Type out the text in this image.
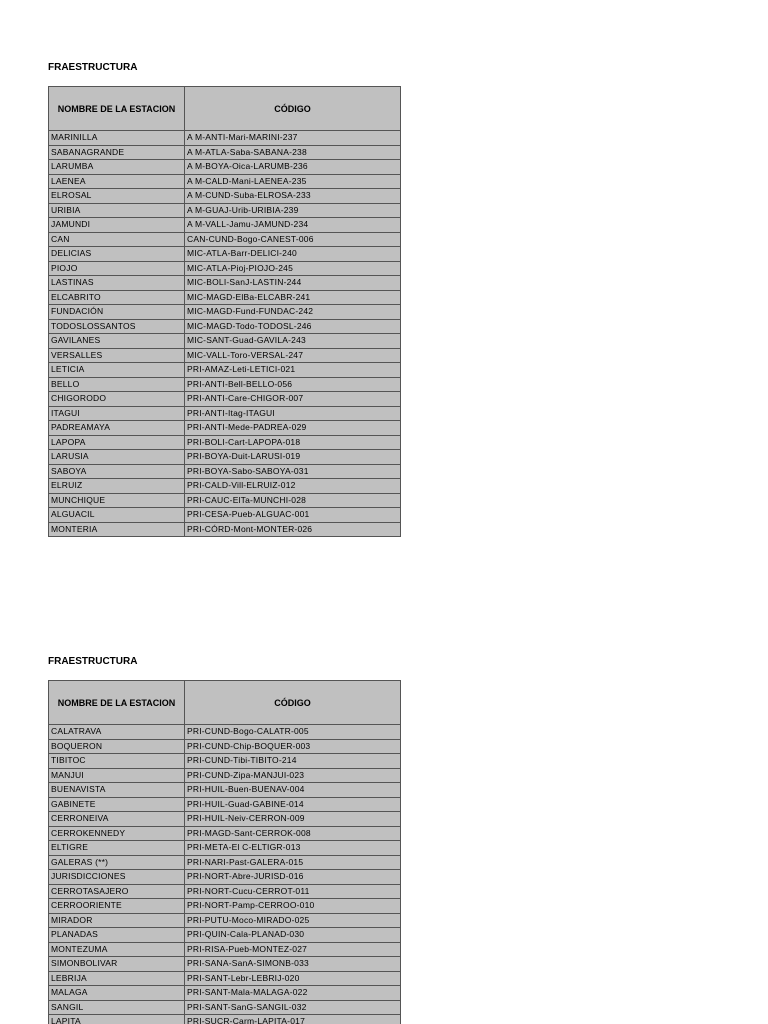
FRAESTRUCTURA
NOMBRE DE LA ESTACION	CÓDIGO
MARINILLA	A M-ANTI-Mari-MARINI-237
SABANAGRANDE	A M-ATLA-Saba-SABANA-238
LARUMBA	A M-BOYA-Oica-LARUMB-236
LAENEA	A M-CALD-Mani-LAENEA-235
ELROSAL	A M-CUND-Suba-ELROSA-233
URIBIA	A M-GUAJ-Urib-URIBIA-239
JAMUNDI	A M-VALL-Jamu-JAMUND-234
CAN	CAN-CUND-Bogo-CANEST-006
DELICIAS	MIC-ATLA-Barr-DELICI-240
PIOJO	MIC-ATLA-Pioj-PIOJO-245
LASTINAS	MIC-BOLI-SanJ-LASTIN-244
ELCABRITO	MIC-MAGD-ElBa-ELCABR-241
FUNDACIÓN	MIC-MAGD-Fund-FUNDAC-242
TODOSLOSSANTOS	MIC-MAGD-Todo-TODOSL-246
GAVILANES	MIC-SANT-Guad-GAVILA-243
VERSALLES	MIC-VALL-Toro-VERSAL-247
LETICIA	PRI-AMAZ-Leti-LETICI-021
BELLO	PRI-ANTI-Bell-BELLO-056
CHIGORODO	PRI-ANTI-Care-CHIGOR-007
ITAGUI	PRI-ANTI-Itag-ITAGUI
PADREAMAYA	PRI-ANTI-Mede-PADREA-029
LAPOPA	PRI-BOLI-Cart-LAPOPA-018
LARUSIA	PRI-BOYA-Duit-LARUSI-019
SABOYA	PRI-BOYA-Sabo-SABOYA-031
ELRUIZ	PRI-CALD-Vill-ELRUIZ-012
MUNCHIQUE	PRI-CAUC-ElTa-MUNCHI-028
ALGUACIL	PRI-CESA-Pueb-ALGUAC-001
MONTERIA	PRI-CÓRD-Mont-MONTER-026
FRAESTRUCTURA
NOMBRE DE LA ESTACION	CÓDIGO
CALATRAVA	PRI-CUND-Bogo-CALATR-005
BOQUERON	PRI-CUND-Chip-BOQUER-003
TIBITOC	PRI-CUND-Tibi-TIBITO-214
MANJUI	PRI-CUND-Zipa-MANJUI-023
BUENAVISTA	PRI-HUIL-Buen-BUENAV-004
GABINETE	PRI-HUIL-Guad-GABINE-014
CERRONEIVA	PRI-HUIL-Neiv-CERRON-009
CERROKENNEDY	PRI-MAGD-Sant-CERROK-008
ELTIGRE	PRI-META-El C-ELTIGR-013
GALERAS (**)	PRI-NARI-Past-GALERA-015
JURISDICCIONES	PRI-NORT-Abre-JURISD-016
CERROTASAJERO	PRI-NORT-Cucu-CERROT-011
CERROORIENTE	PRI-NORT-Pamp-CERROO-010
MIRADOR	PRI-PUTU-Moco-MIRADO-025
PLANADAS	PRI-QUIN-Cala-PLANAD-030
MONTEZUMA	PRI-RISA-Pueb-MONTEZ-027
SIMONBOLIVAR	PRI-SANA-SanA-SIMONB-033
LEBRIJA	PRI-SANT-Lebr-LEBRIJ-020
MALAGA	PRI-SANT-Mala-MALAGA-022
SANGIL	PRI-SANT-SanG-SANGIL-032
LAPITA	PRI-SUCR-Carm-LAPITA-017
